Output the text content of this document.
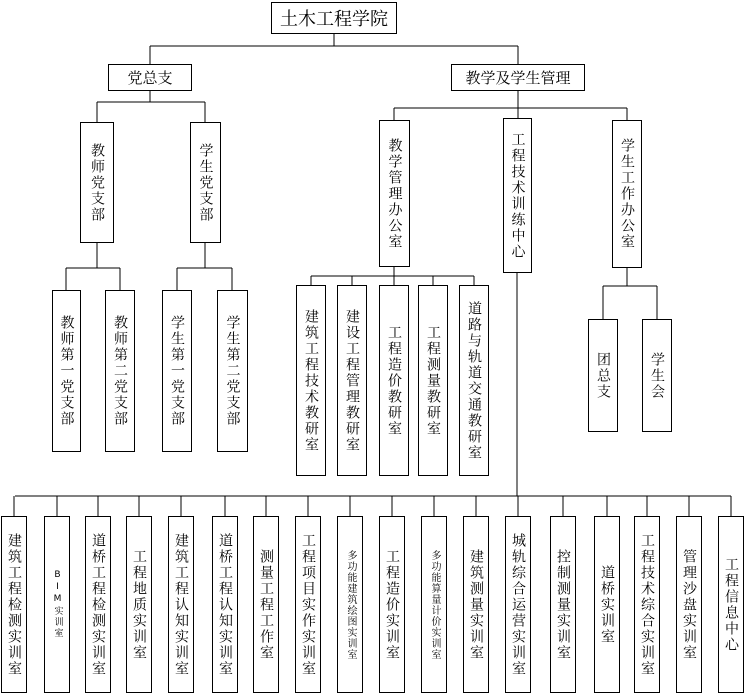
土木工程学院
党总支	教学及学生管理
教师党支部	学生党支部
教师第一党支部	教师第二党支部	学生第一党支部	学生第二党支部
教学管理办公室	工程技术训练中心	学生工作办公室
建筑工程技术教研室 建设工程管理教研室 工程造价教研室 工程测量教研室 道路与轨道交通教研室	团总支	学生会
建筑工程检测实训室	BIM实训室 道桥工程检测实训室 工程地质实训室 建筑工程认知实训室 道桥工程认知实训室 测量工程工作室 工程项目实作实训室	多功能建筑绘图实训室 工程造价实训室	多功能算量计价实训室 建筑测量实训室 城轨综合运营实训室 控制测量实训室 道桥实训室 工程技术综合实训室 管理沙盘实训室 工程信息中心
